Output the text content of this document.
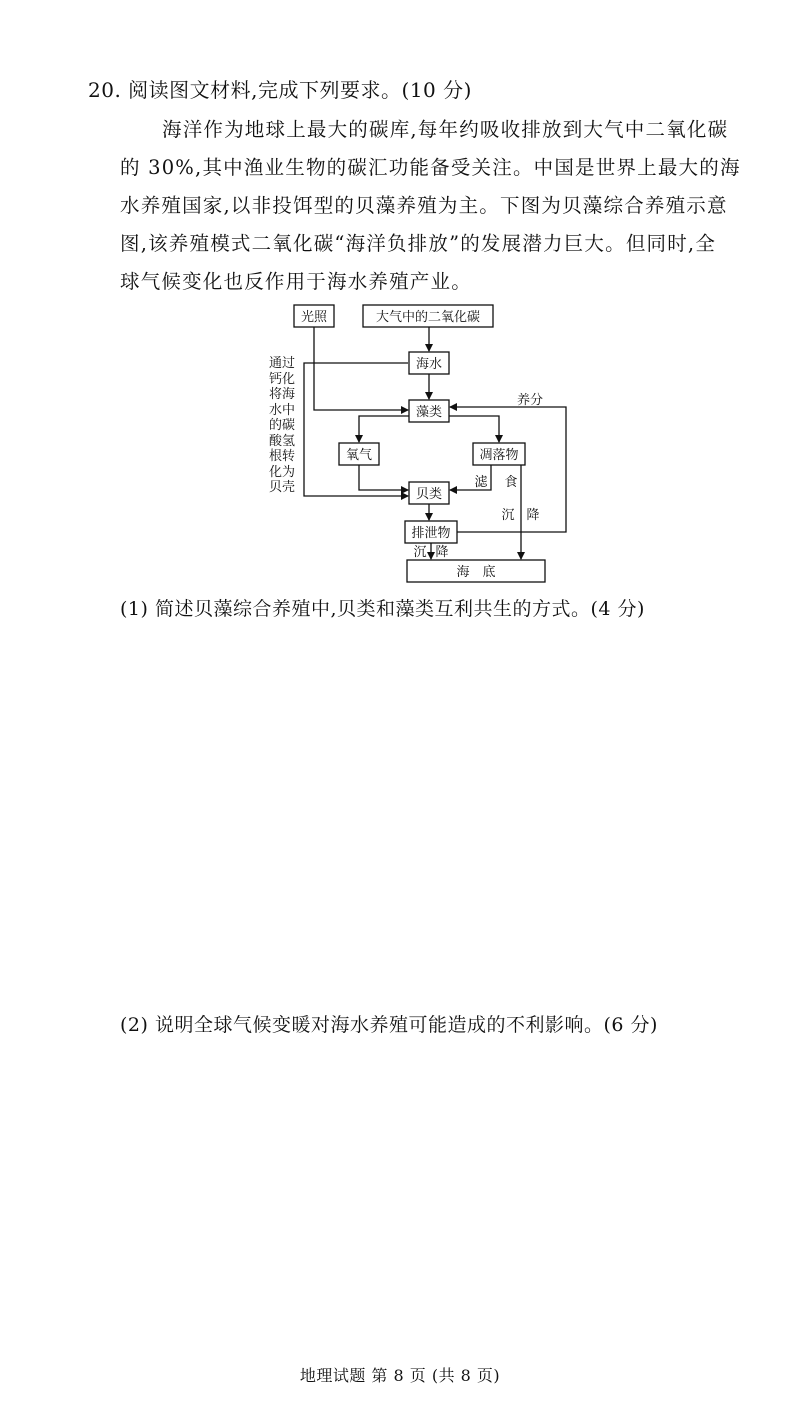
20. 阅读图文材料,完成下列要求。(10 分)
海洋作为地球上最大的碳库,每年约吸收排放到大气中二氧化碳
的 30%,其中渔业生物的碳汇功能备受关注。中国是世界上最大的海
水养殖国家,以非投饵型的贝藻养殖为主。下图为贝藻综合养殖示意
图,该养殖模式二氧化碳“海洋负排放”的发展潜力巨大。但同时,全
球气候变化也反作用于海水养殖产业。
光照	大气中的二氧化碳
海水
藻类
氧气	凋落物
贝类
排泄物
海　底
养分
滤 食
沉 降
沉 降
通过钙化将海水中的碳酸氢根转化为贝壳
(1) 简述贝藻综合养殖中,贝类和藻类互利共生的方式。(4 分)
(2) 说明全球气候变暖对海水养殖可能造成的不利影响。(6 分)
地理试题 第 8 页 (共 8 页)
